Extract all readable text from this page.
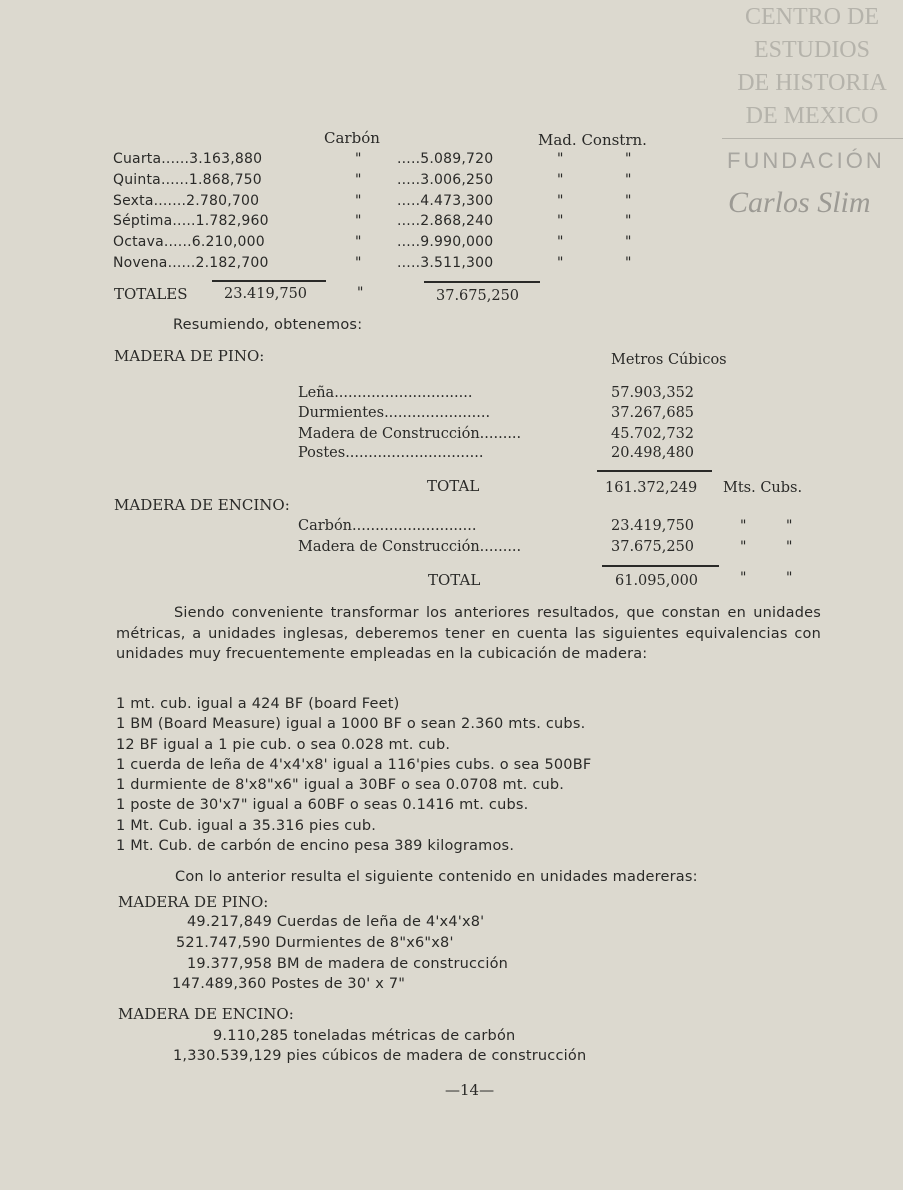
CENTRO DE
ESTUDIOS
DE HISTORIA
DE MEXICO
FUNDACIÓN
Carlos Slim
Carbón	Mad. Constrn.
Cuarta......3.163,880	"	.....5.089,720	"	"
Quinta......1.868,750	"	.....3.006,250	"	"
Sexta.......2.780,700	"	.....4.473,300	"	"
Séptima.....1.782,960	"	.....2.868,240	"	"
Octava......6.210,000	"	.....9.990,000	"	"
Novena......2.182,700	"	.....3.511,300	"	"
TOTALES	23.419,750	"	37.675,250
Resumiendo, obtenemos:
MADERA DE PINO:	Metros Cúbicos
Leña..............................	57.903,352
Durmientes.......................	37.267,685
Madera de Construcción.........	45.702,732
Postes..............................	20.498,480
TOTAL	161.372,249 Mts. Cubs.
MADERA DE ENCINO:
Carbón...........................	23.419,750	"	"
Madera de Construcción.........	37.675,250	"	"
TOTAL	61.095,000	"	"
Siendo conveniente transformar los anteriores resultados, que constan en unidades métricas, a unidades inglesas, deberemos tener en cuenta las siguientes equivalencias con unidades muy frecuentemente empleadas en la cubicación de madera:
1 mt. cub. igual a 424 BF (board Feet)
1 BM (Board Measure) igual a 1000 BF o sean 2.360 mts. cubs.
12 BF igual a 1 pie cub. o sea 0.028 mt. cub.
1 cuerda de leña de 4'x4'x8' igual a 116'pies cubs. o sea 500BF
1 durmiente de 8'x8"x6" igual a 30BF o sea 0.0708 mt. cub.
1 poste de 30'x7" igual a 60BF o seas 0.1416 mt. cubs.
1 Mt. Cub. igual a 35.316 pies cub.
1 Mt. Cub. de carbón de encino pesa 389 kilogramos.
Con lo anterior resulta el siguiente contenido en unidades madereras:
MADERA DE PINO:
49.217,849 Cuerdas de leña de 4'x4'x8'
521.747,590 Durmientes de 8"x6"x8'
19.377,958 BM de madera de construcción
147.489,360 Postes de 30' x 7"
MADERA DE ENCINO:
9.110,285 toneladas métricas de carbón
1,330.539,129 pies cúbicos de madera de construcción
—14—
